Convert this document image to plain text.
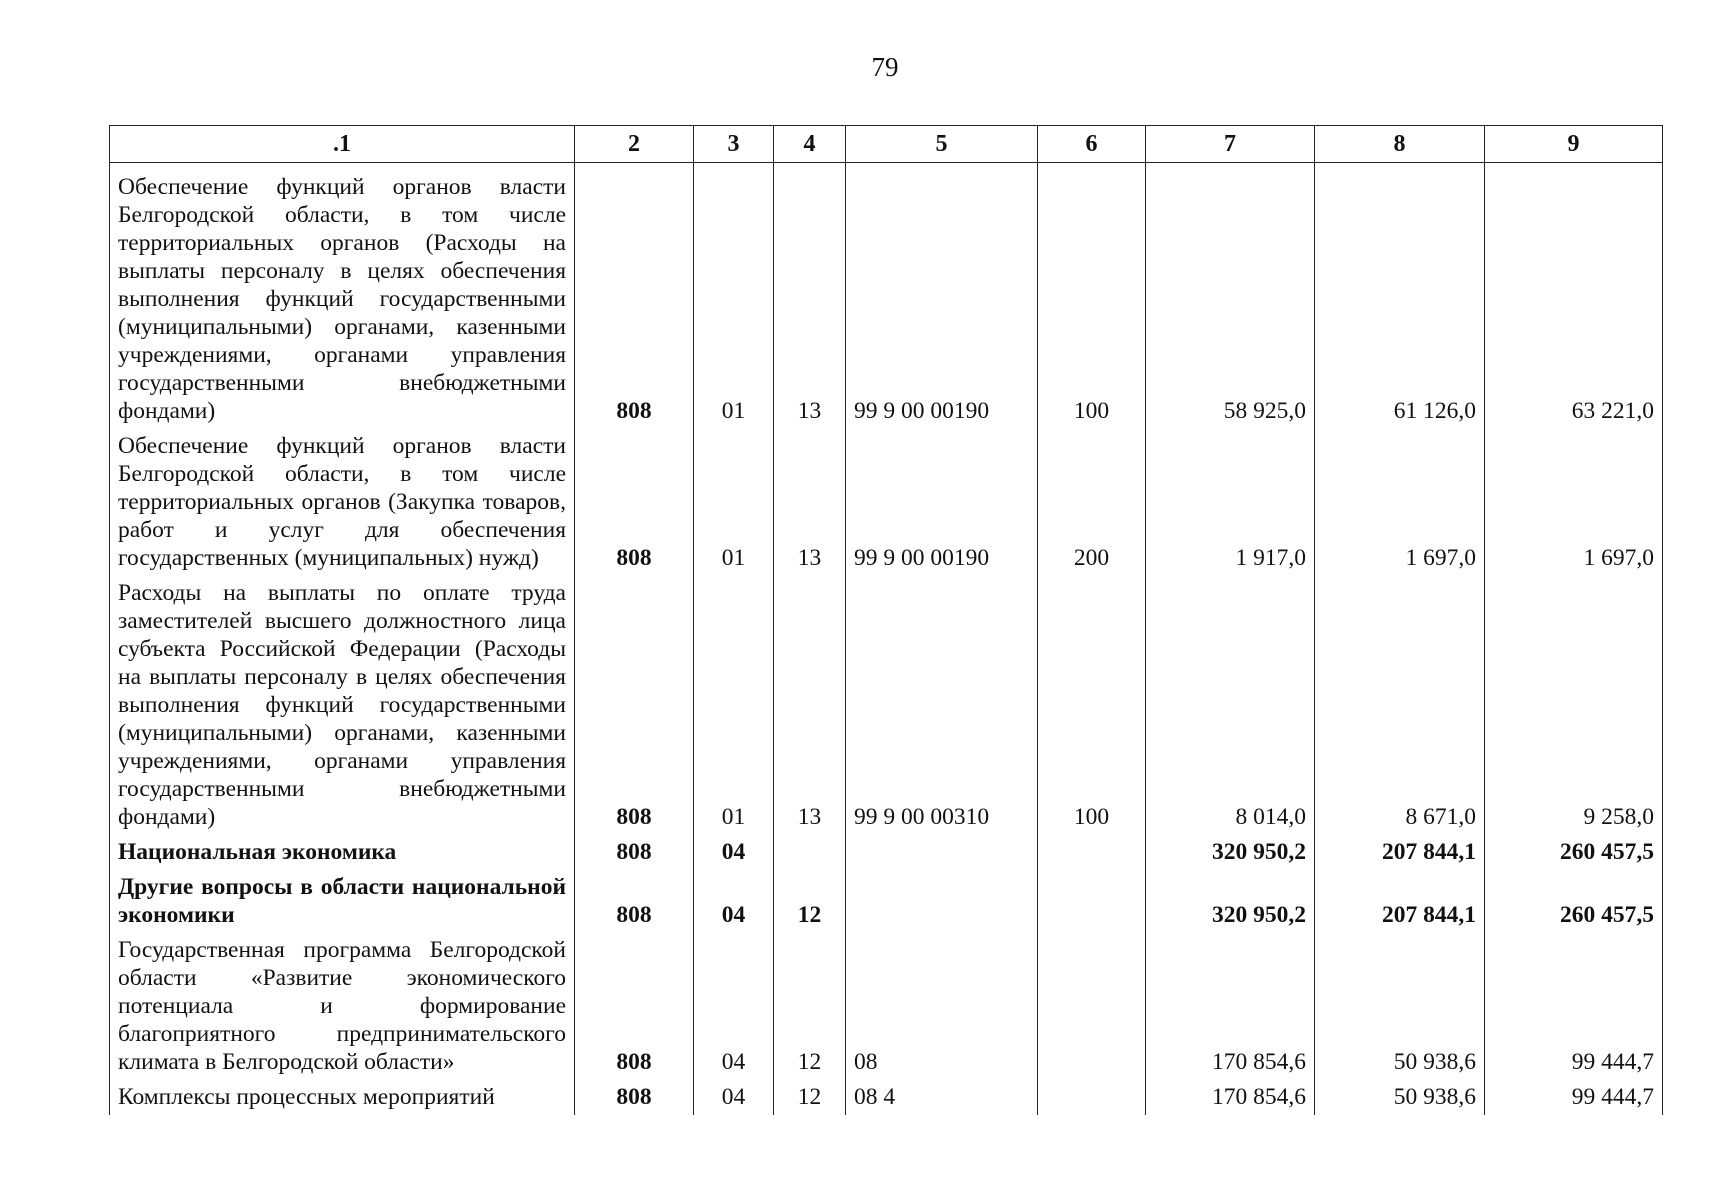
79
.1	2	3	4	5	6	7	8	9
Обеспечение функций органов власти Белгородской области, в том числе территориальных органов (Расходы на выплаты персоналу в целях обеспечения выполнения функций государственными (муниципальными) органами, казенными учреждениями, органами управления государственными внебюджетными фондами)	808	01	13	99 9 00 00190	100	58 925,0	61 126,0	63 221,0
Обеспечение функций органов власти Белгородской области, в том числе территориальных органов (Закупка товаров, работ и услуг для обеспечения государственных (муниципальных) нужд)	808	01	13	99 9 00 00190	200	1 917,0	1 697,0	1 697,0
Расходы на выплаты по оплате труда заместителей высшего должностного лица субъекта Российской Федерации (Расходы на выплаты персоналу в целях обеспечения выполнения функций государственными (муниципальными) органами, казенными учреждениями, органами управления государственными внебюджетными фондами)	808	01	13	99 9 00 00310	100	8 014,0	8 671,0	9 258,0
Национальная экономика	808	04				320 950,2	207 844,1	260 457,5
Другие вопросы в области национальной экономики	808	04	12			320 950,2	207 844,1	260 457,5
Государственная программа Белгородской области «Развитие экономического потенциала и формирование благоприятного предпринимательского климата в Белгородской области»	808	04	12	08		170 854,6	50 938,6	99 444,7
Комплексы процессных мероприятий	808	04	12	08 4		170 854,6	50 938,6	99 444,7
